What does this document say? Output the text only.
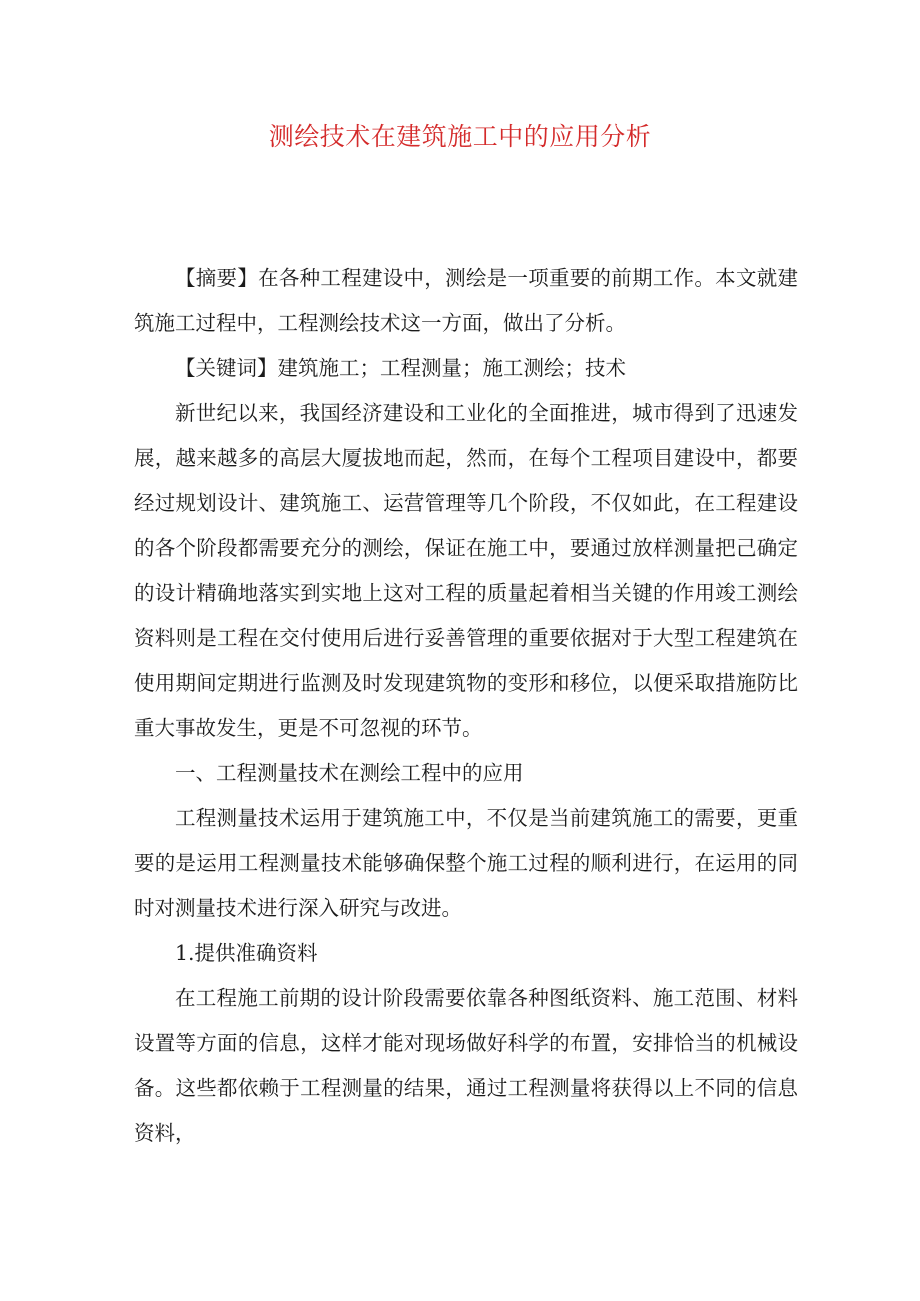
测绘技术在建筑施工中的应用分析

【摘要】在各种工程建设中，测绘是一项重要的前期工作。本文就建筑施工过程中，工程测绘技术这一方面，做出了分析。

【关键词】建筑施工；工程测量；施工测绘；技术

新世纪以来，我国经济建设和工业化的全面推进，城市得到了迅速发展，越来越多的高层大厦拔地而起，然而，在每个工程项目建设中，都要经过规划设计、建筑施工、运营管理等几个阶段，不仅如此，在工程建设的各个阶段都需要充分的测绘，保证在施工中，要通过放样测量把己确定的设计精确地落实到实地上这对工程的质量起着相当关键的作用竣工测绘资料则是工程在交付使用后进行妥善管理的重要依据对于大型工程建筑在使用期间定期进行监测及时发现建筑物的变形和移位，以便采取措施防比重大事故发生，更是不可忽视的环节。

一、工程测量技术在测绘工程中的应用

工程测量技术运用于建筑施工中，不仅是当前建筑施工的需要，更重要的是运用工程测量技术能够确保整个施工过程的顺利进行，在运用的同时对测量技术进行深入研究与改进。

1.提供准确资料

在工程施工前期的设计阶段需要依靠各种图纸资料、施工范围、材料设置等方面的信息，这样才能对现场做好科学的布置，安排恰当的机械设备。这些都依赖于工程测量的结果，通过工程测量将获得以上不同的信息资料，
